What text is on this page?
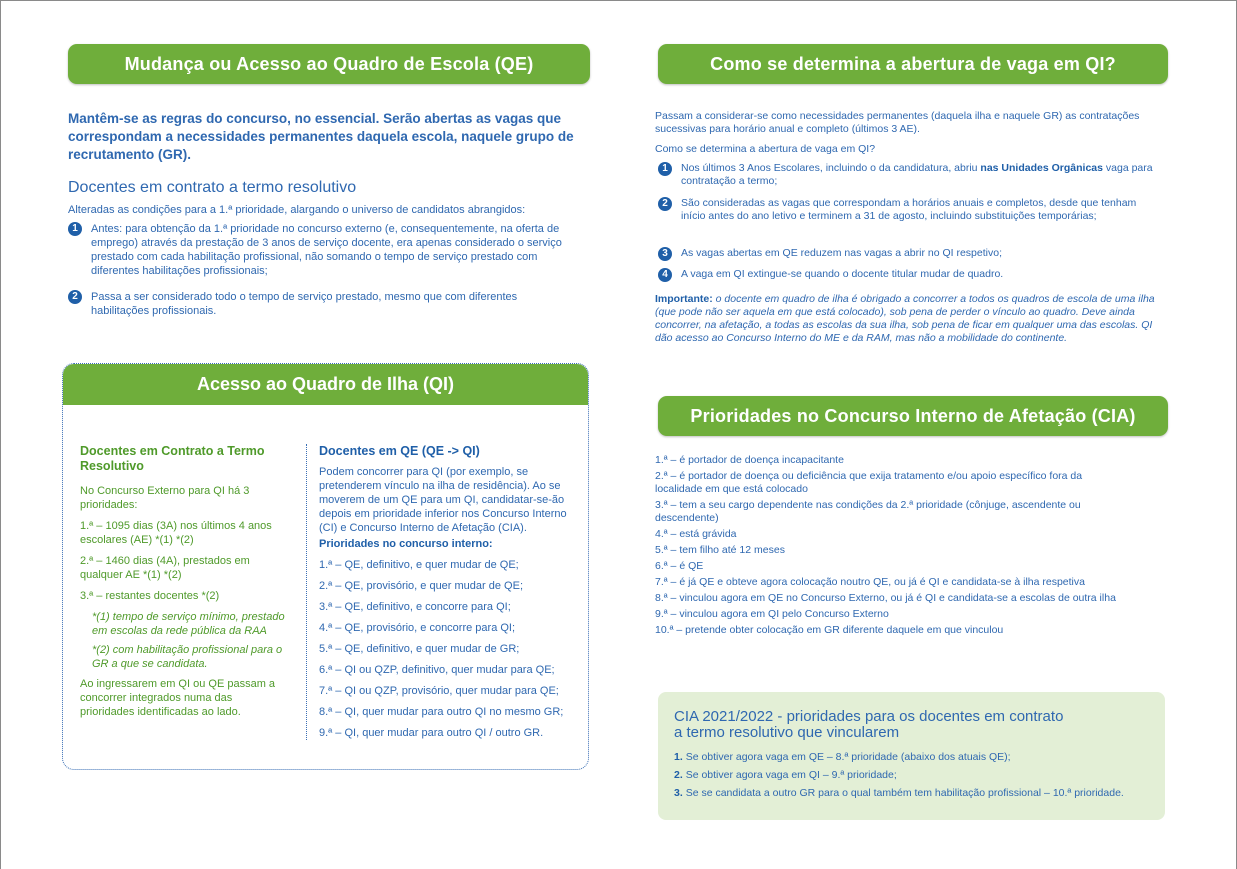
Mudança ou Acesso ao Quadro de Escola (QE)

Mantêm-se as regras do concurso, no essencial. Serão abertas as vagas que correspondam a necessidades permanentes daquela escola, naquele grupo de recrutamento (GR).

Docentes em contrato a termo resolutivo

Alteradas as condições para a 1.ª prioridade, alargando o universo de candidatos abrangidos:

1	Antes: para obtenção da 1.ª prioridade no concurso externo (e, consequentemente, na oferta de emprego) através da prestação de 3 anos de serviço docente, era apenas considerado o serviço prestado com cada habilitação profissional, não somando o tempo de serviço prestado com diferentes habilitações profissionais;
2	Passa a ser considerado todo o tempo de serviço prestado, mesmo que com diferentes habilitações profissionais.
Acesso ao Quadro de Ilha (QI)

Docentes em Contrato a Termo Resolutivo

No Concurso Externo para QI há 3 prioridades:

1.ª – 1095 dias (3A) nos últimos 4 anos escolares (AE) *(1) *(2)

2.ª – 1460 dias (4A), prestados em qualquer AE *(1) *(2)

3.ª – restantes docentes *(2)

*(1) tempo de serviço mínimo, prestado em escolas da rede pública da RAA

*(2) com habilitação profissional para o GR a que se candidata.

Ao ingressarem em QI ou QE passam a concorrer integrados numa das prioridades identificadas ao lado.

Docentes em QE (QE -> QI)

Podem concorrer para QI (por exemplo, se pretenderem vínculo na ilha de residência). Ao se moverem de um QE para um QI, candidatar-se-ão depois em prioridade inferior nos Concurso Interno (CI) e Concurso Interno de Afetação (CIA).

Prioridades no concurso interno:

1.ª – QE, definitivo, e quer mudar de QE;

2.ª – QE, provisório, e quer mudar de QE;

3.ª – QE, definitivo, e concorre para QI;

4.ª – QE, provisório, e concorre para QI;

5.ª – QE, definitivo, e quer mudar de GR;

6.ª – QI ou QZP, definitivo, quer mudar para QE;

7.ª – QI ou QZP, provisório, quer mudar para QE;

8.ª – QI, quer mudar para outro QI no mesmo GR;

9.ª – QI, quer mudar para outro QI / outro GR.

Como se determina a abertura de vaga em QI?

Passam a considerar-se como necessidades permanentes (daquela ilha e naquele GR) as contratações sucessivas para horário anual e completo (últimos 3 AE).

Como se determina a abertura de vaga em QI?

1	Nos últimos 3 Anos Escolares, incluindo o da candidatura, abriu nas Unidades Orgânicas vaga para contratação a termo;
2	São consideradas as vagas que correspondam a horários anuais e completos, desde que tenham início antes do ano letivo e terminem a 31 de agosto, incluindo substituições temporárias;
3	As vagas abertas em QE reduzem nas vagas a abrir no QI respetivo;
4	A vaga em QI extingue-se quando o docente titular mudar de quadro.

Importante: o docente em quadro de ilha é obrigado a concorrer a todos os quadros de escola de uma ilha (que pode não ser aquela em que está colocado), sob pena de perder o vínculo ao quadro. Deve ainda concorrer, na afetação, a todas as escolas da sua ilha, sob pena de ficar em qualquer uma das escolas. QI dão acesso ao Concurso Interno do ME e da RAM, mas não a mobilidade do continente.

Prioridades no Concurso Interno de Afetação (CIA)

1.ª – é portador de doença incapacitante

2.ª – é portador de doença ou deficiência que exija tratamento e/ou apoio específico fora da localidade em que está colocado

3.ª – tem a seu cargo dependente nas condições da 2.ª prioridade (cônjuge, ascendente ou descendente)

4.ª – está grávida

5.ª – tem filho até 12 meses

6.ª – é QE

7.ª – é já QE e obteve agora colocação noutro QE, ou já é QI e candidata-se à ilha respetiva

8.ª – vinculou agora em QE no Concurso Externo, ou já é QI e candidata-se a escolas de outra ilha

9.ª – vinculou agora em QI pelo Concurso Externo

10.ª – pretende obter colocação em GR diferente daquele em que vinculou

CIA 2021/2022 - prioridades para os docentes em contrato a termo resolutivo que vincularem

1. Se obtiver agora vaga em QE – 8.ª prioridade (abaixo dos atuais QE);

2. Se obtiver agora vaga em QI – 9.ª prioridade;

3. Se se candidata a outro GR para o qual também tem habilitação profissional – 10.ª prioridade.
